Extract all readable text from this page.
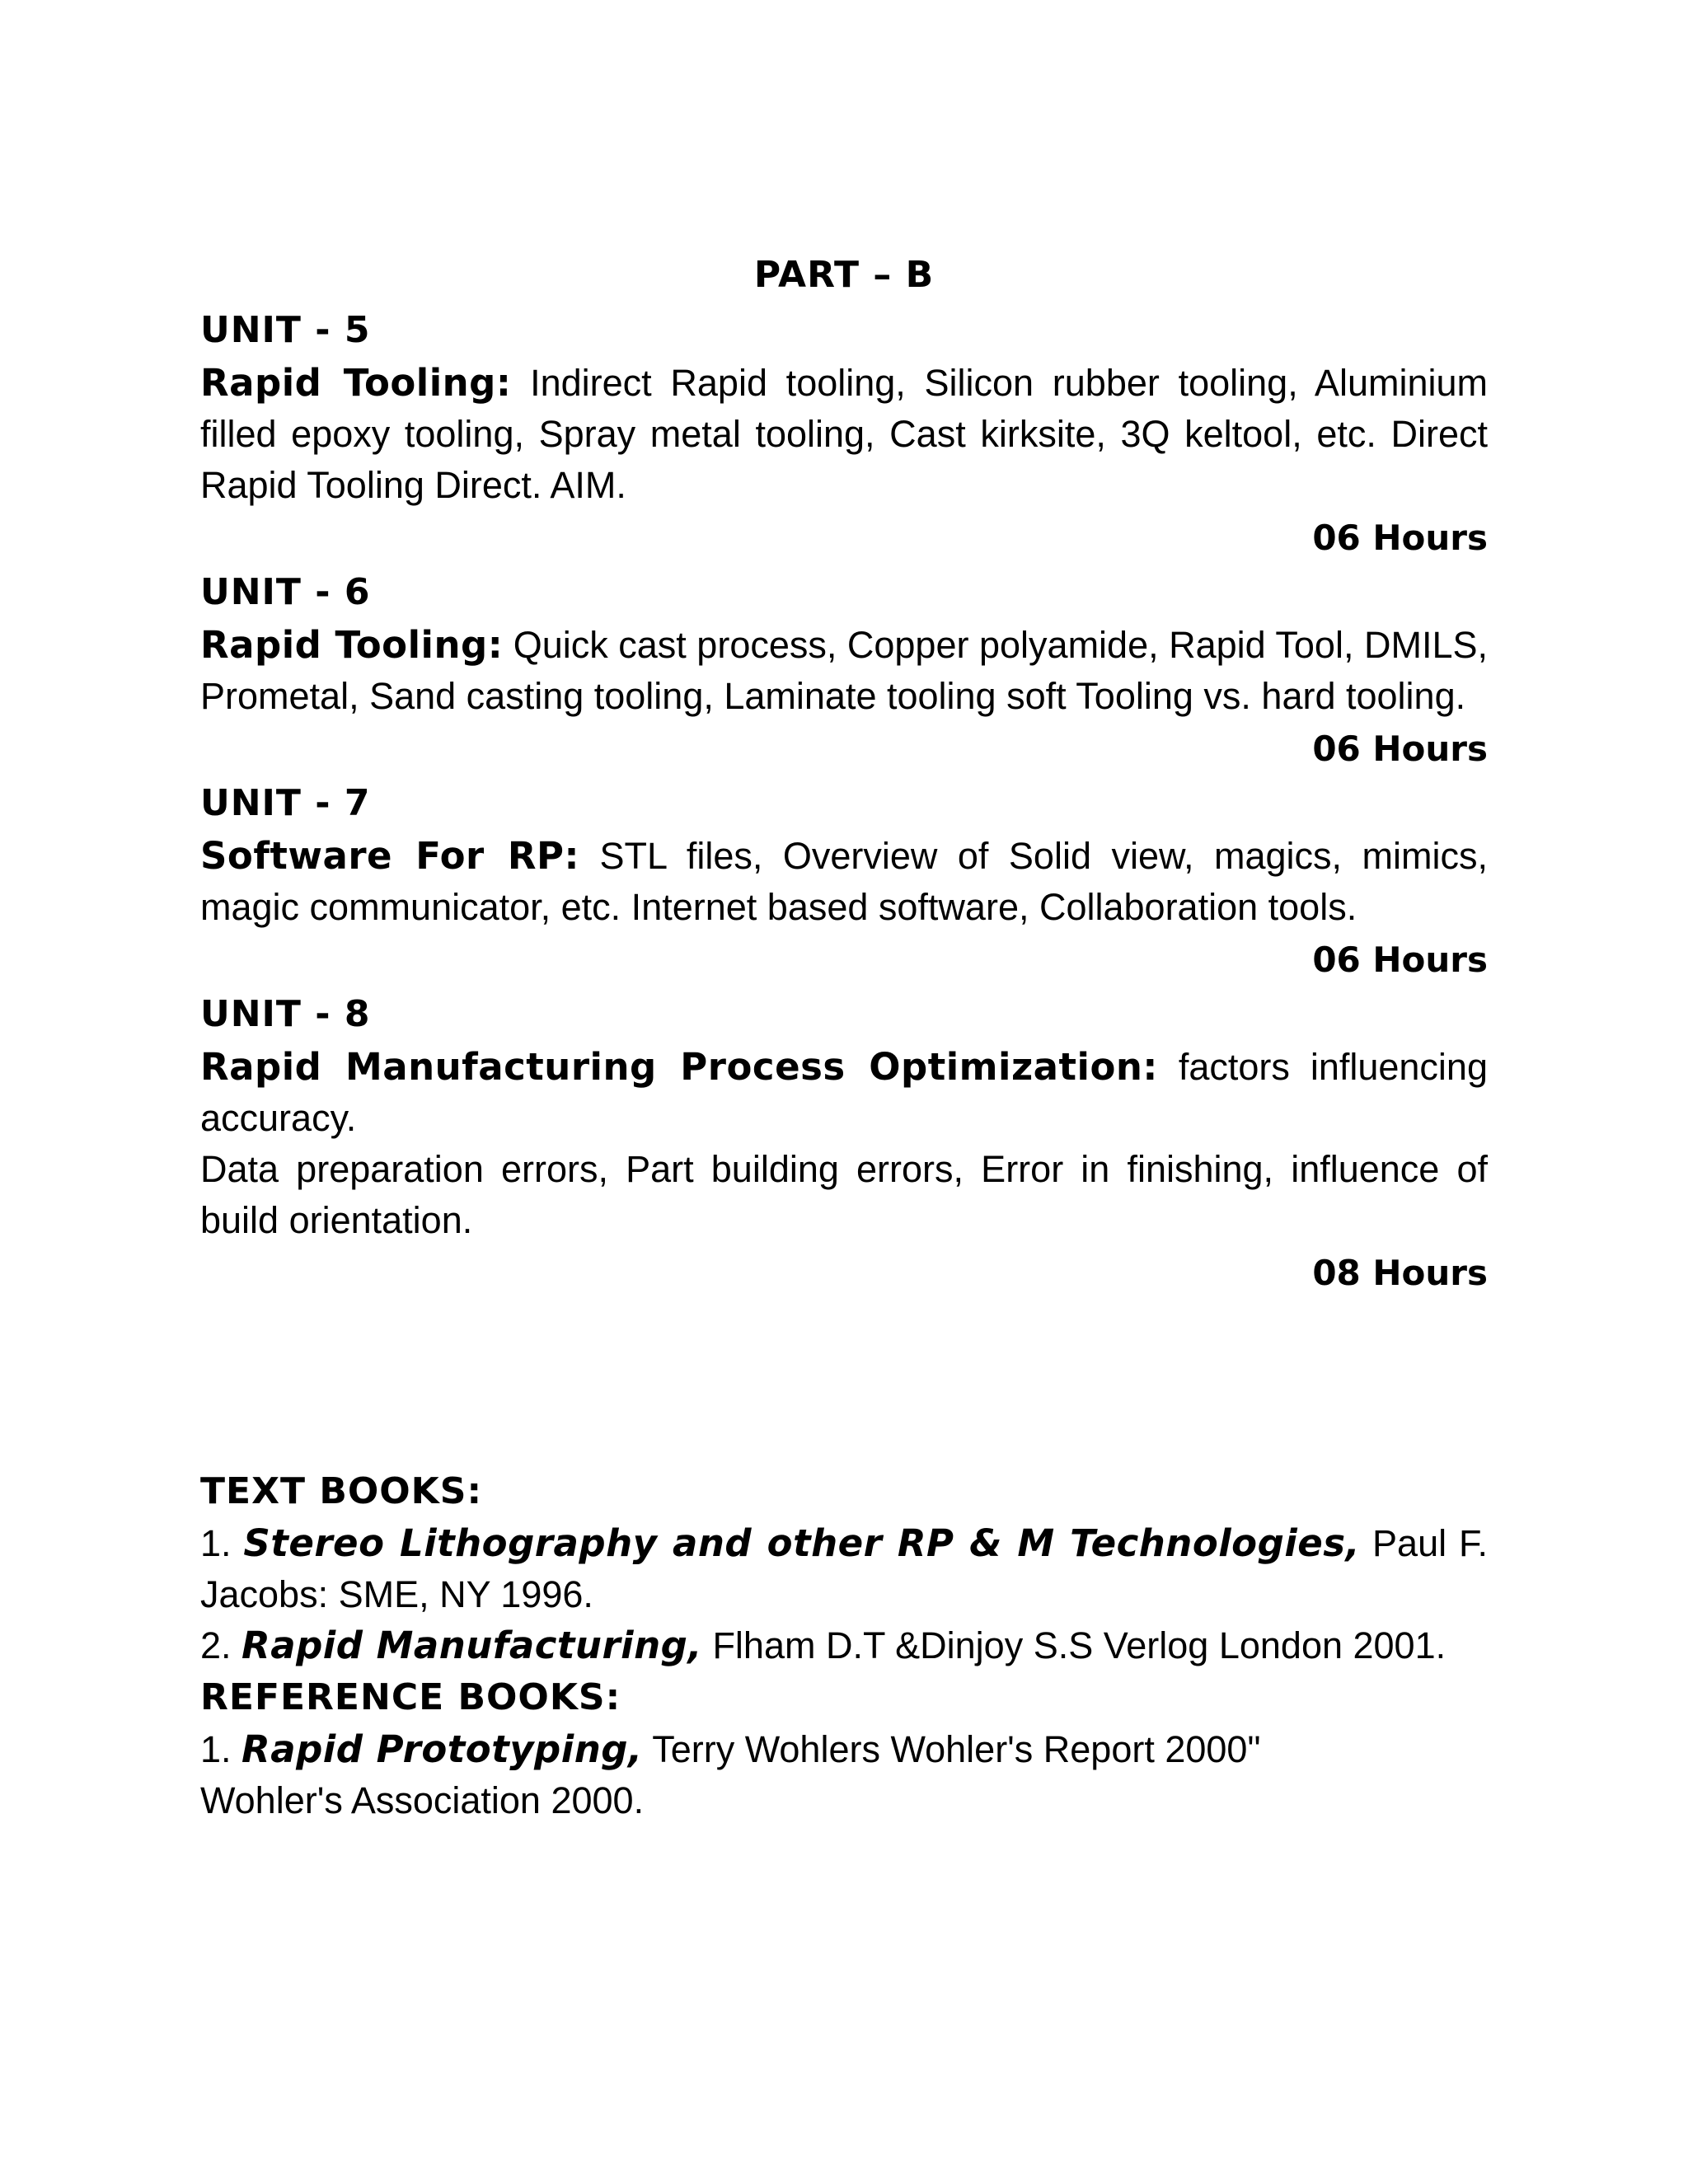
PART – B
UNIT - 5

Rapid Tooling: Indirect Rapid tooling, Silicon rubber tooling, Aluminium filled epoxy tooling, Spray metal tooling, Cast kirksite, 3Q keltool, etc. Direct Rapid Tooling Direct. AIM.

06 Hours
UNIT - 6

Rapid Tooling: Quick cast process, Copper polyamide, Rapid Tool, DMILS, Prometal, Sand casting tooling, Laminate tooling soft Tooling vs. hard tooling.

06 Hours
UNIT - 7

Software For RP: STL files, Overview of Solid view, magics, mimics, magic communicator, etc. Internet based software, Collaboration tools.

06 Hours
UNIT - 8

Rapid Manufacturing Process Optimization: factors influencing accuracy.

Data preparation errors, Part building errors, Error in finishing, influence of build orientation.

08 Hours
TEXT BOOKS:

1. Stereo Lithography and other RP & M Technologies, Paul F. Jacobs: SME, NY 1996.

2. Rapid Manufacturing, Flham D.T &Dinjoy S.S Verlog London 2001.

REFERENCE BOOKS:

1. Rapid Prototyping, Terry Wohlers Wohler's Report 2000" Wohler's Association 2000.
